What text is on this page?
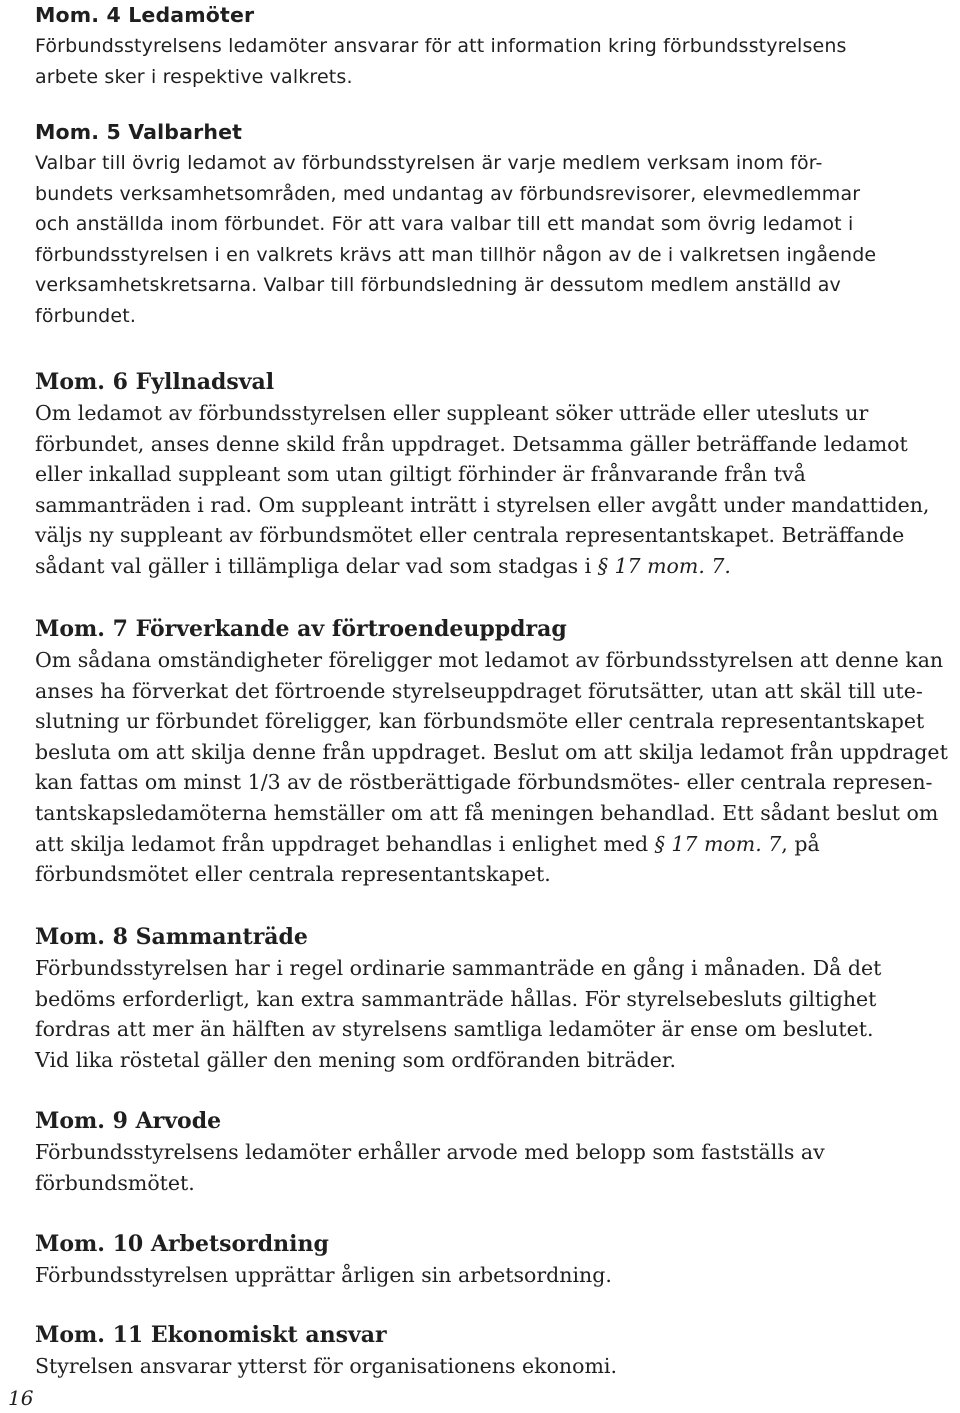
Mom. 4 Ledamöter
Förbundsstyrelsens ledamöter ansvarar för att information kring förbundsstyrelsens
arbete sker i respektive valkrets.
Mom. 5 Valbarhet
Valbar till övrig ledamot av förbundsstyrelsen är varje medlem verksam inom för-
bundets verksamhetsområden, med undantag av förbundsrevisorer, elevmedlemmar
och anställda inom förbundet. För att vara valbar till ett mandat som övrig ledamot i
förbundsstyrelsen i en valkrets krävs att man tillhör någon av de i valkretsen ingående
verksamhetskretsarna. Valbar till förbundsledning är dessutom medlem anställd av
förbundet.
Mom. 6 Fyllnadsval
Om ledamot av förbundsstyrelsen eller suppleant söker utträde eller utesluts ur
förbundet, anses denne skild från uppdraget. Detsamma gäller beträffande ledamot
eller inkallad suppleant som utan giltigt förhinder är frånvarande från två
sammanträden i rad. Om suppleant inträtt i styrelsen eller avgått under mandattiden,
väljs ny suppleant av förbundsmötet eller centrala representantskapet. Beträffande
sådant val gäller i tillämpliga delar vad som stadgas i § 17 mom. 7.
Mom. 7 Förverkande av förtroendeuppdrag
Om sådana omständigheter föreligger mot ledamot av förbundsstyrelsen att denne kan
anses ha förverkat det förtroende styrelseuppdraget förutsätter, utan att skäl till ute-
slutning ur förbundet föreligger, kan förbundsmöte eller centrala representantskapet
besluta om att skilja denne från uppdraget. Beslut om att skilja ledamot från uppdraget
kan fattas om minst 1/3 av de röstberättigade förbundsmötes- eller centrala represen-
tantskapsledamöterna hemställer om att få meningen behandlad. Ett sådant beslut om
att skilja ledamot från uppdraget behandlas i enlighet med § 17 mom. 7, på
förbundsmötet eller centrala representantskapet.
Mom. 8 Sammanträde
Förbundsstyrelsen har i regel ordinarie sammanträde en gång i månaden. Då det
bedöms erforderligt, kan extra sammanträde hållas. För styrelsebesluts giltighet
fordras att mer än hälften av styrelsens samtliga ledamöter är ense om beslutet.
Vid lika röstetal gäller den mening som ordföranden biträder.
Mom. 9 Arvode
Förbundsstyrelsens ledamöter erhåller arvode med belopp som fastställs av
förbundsmötet.
Mom. 10 Arbetsordning
Förbundsstyrelsen upprättar årligen sin arbetsordning.
Mom. 11 Ekonomiskt ansvar
Styrelsen ansvarar ytterst för organisationens ekonomi.
16
